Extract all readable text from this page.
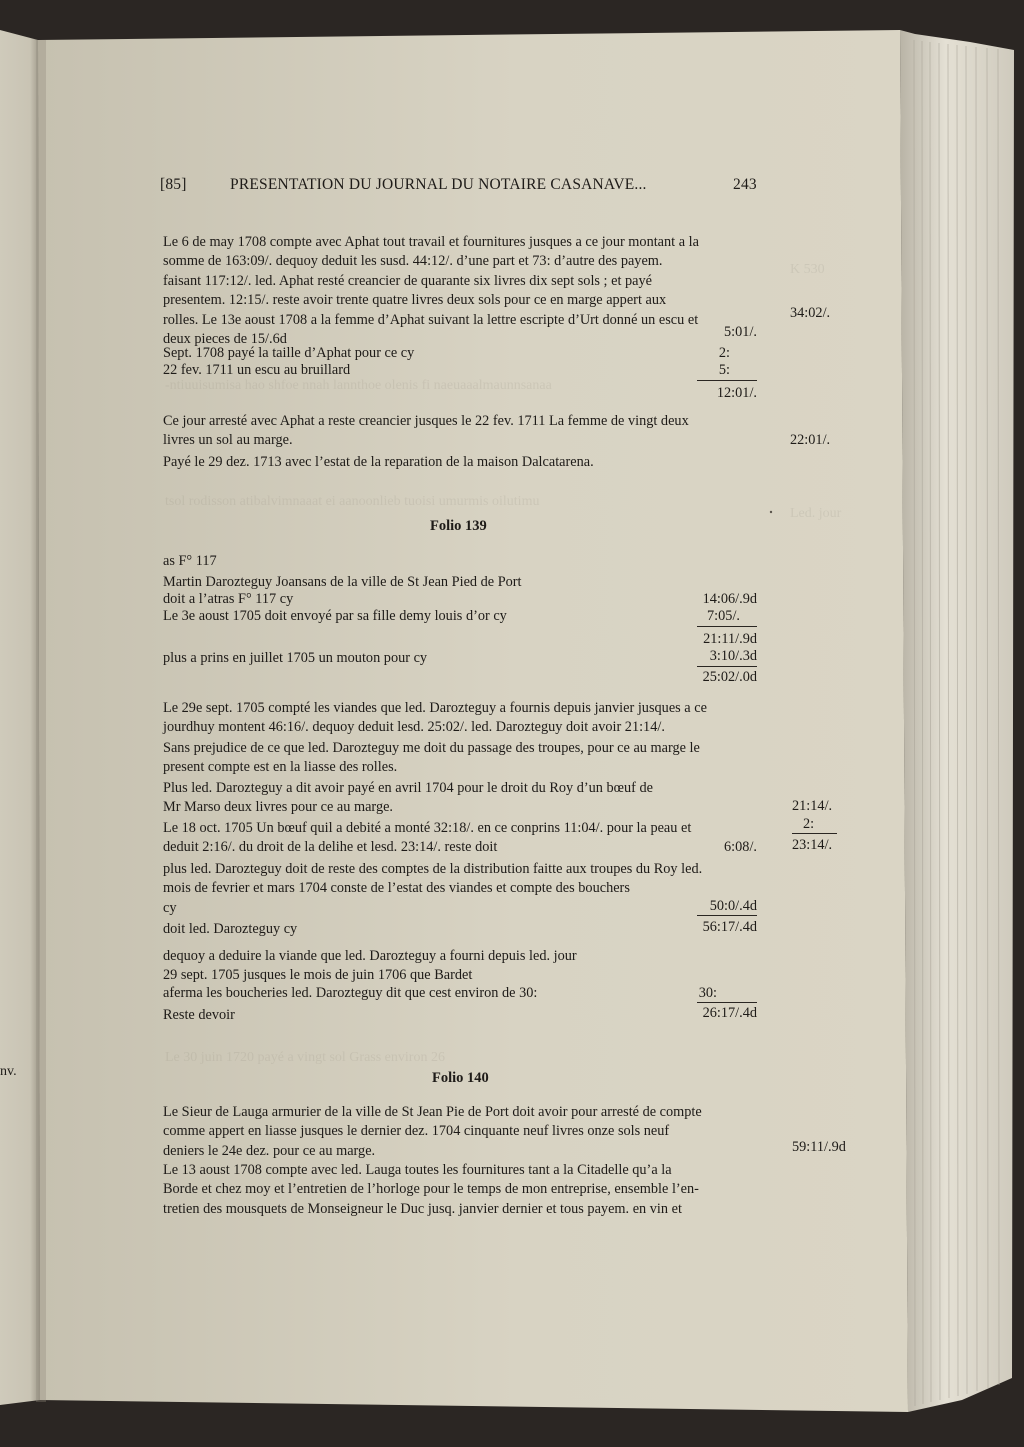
K 530
-ntiuuisumisa hao shfoe nnah lannthoe olenis fi naeuaaalmaunnsanaa
tsol rodisson atibalvimnaaat ei aanoonlieb tuoisi umurmis oilutimu
Led. jour
Le 30 juin 1720 payé a vingt sol Grass environ 26
nv.
[85]	PRESENTATION DU JOURNAL DU NOTAIRE CASANAVE...	243
Le 6 de may 1708 compte avec Aphat tout travail et fournitures jusques a ce jour montant a la
somme de 163:09/. dequoy deduit les susd. 44:12/. d’une part et 73: d’autre des payem.
faisant 117:12/. led. Aphat resté creancier de quarante six livres dix sept sols ; et payé
presentem. 12:15/. reste avoir trente quatre livres deux sols pour ce en marge appert aux
rolles. Le 13e aoust 1708 a la femme d’Aphat suivant la lettre escripte d’Urt donné un escu et
deux pieces de 15/.6d
34:02/.
5:01/.
Sept. 1708 payé la taille d’Aphat pour ce cy	2:
22 fev. 1711 un escu au bruillard	5:
12:01/.
Ce jour arresté avec Aphat a reste creancier jusques le 22 fev. 1711 La femme de vingt deux
livres un sol au marge.	22:01/.
Payé le 29 dez. 1713 avec l’estat de la reparation de la maison Dalcatarena.
Folio 139
as F° 117
Martin Darozteguy Joansans de la ville de St Jean Pied de Port
doit a l’atras F° 117 cy	14:06/.9d
Le 3e aoust 1705 doit envoyé par sa fille demy louis d’or cy	7:05/.
21:11/.9d
plus a prins en juillet 1705 un mouton pour cy	3:10/.3d
25:02/.0d
Le 29e sept. 1705 compté les viandes que led. Darozteguy a fournis depuis janvier jusques a ce
jourdhuy montent 46:16/. dequoy deduit lesd. 25:02/. led. Darozteguy doit avoir 21:14/.
Sans prejudice de ce que led. Darozteguy me doit du passage des troupes, pour ce au marge le
present compte est en la liasse des rolles.
Plus led. Darozteguy a dit avoir payé en avril 1704 pour le droit du Roy d’un bœuf de
Mr Marso deux livres pour ce au marge.	21:14/.
2:
23:14/.
Le 18 oct. 1705 Un bœuf quil a debité a monté 32:18/. en ce conprins 11:04/. pour la peau et
deduit 2:16/. du droit de la delihe et lesd. 23:14/. reste doit	6:08/.
plus led. Darozteguy doit de reste des comptes de la distribution faitte aux troupes du Roy led.
mois de fevrier et mars 1704 conste de l’estat des viandes et compte des bouchers
cy	50:0/.4d
doit led. Darozteguy cy	56:17/.4d
dequoy a deduire la viande que led. Darozteguy a fourni depuis led. jour
29 sept. 1705 jusques le mois de juin 1706 que Bardet
aferma les boucheries led. Darozteguy dit que cest environ de 30:	30:
Reste devoir	26:17/.4d
Folio 140
Le Sieur de Lauga armurier de la ville de St Jean Pie de Port doit avoir pour arresté de compte
comme appert en liasse jusques le dernier dez. 1704 cinquante neuf livres onze sols neuf
deniers le 24e dez. pour ce au marge.	59:11/.9d
Le 13 aoust 1708 compte avec led. Lauga toutes les fournitures tant a la Citadelle qu’a la
Borde et chez moy et l’entretien de l’horloge pour le temps de mon entreprise, ensemble l’en-
tretien des mousquets de Monseigneur le Duc jusq. janvier dernier et tous payem. en vin et
